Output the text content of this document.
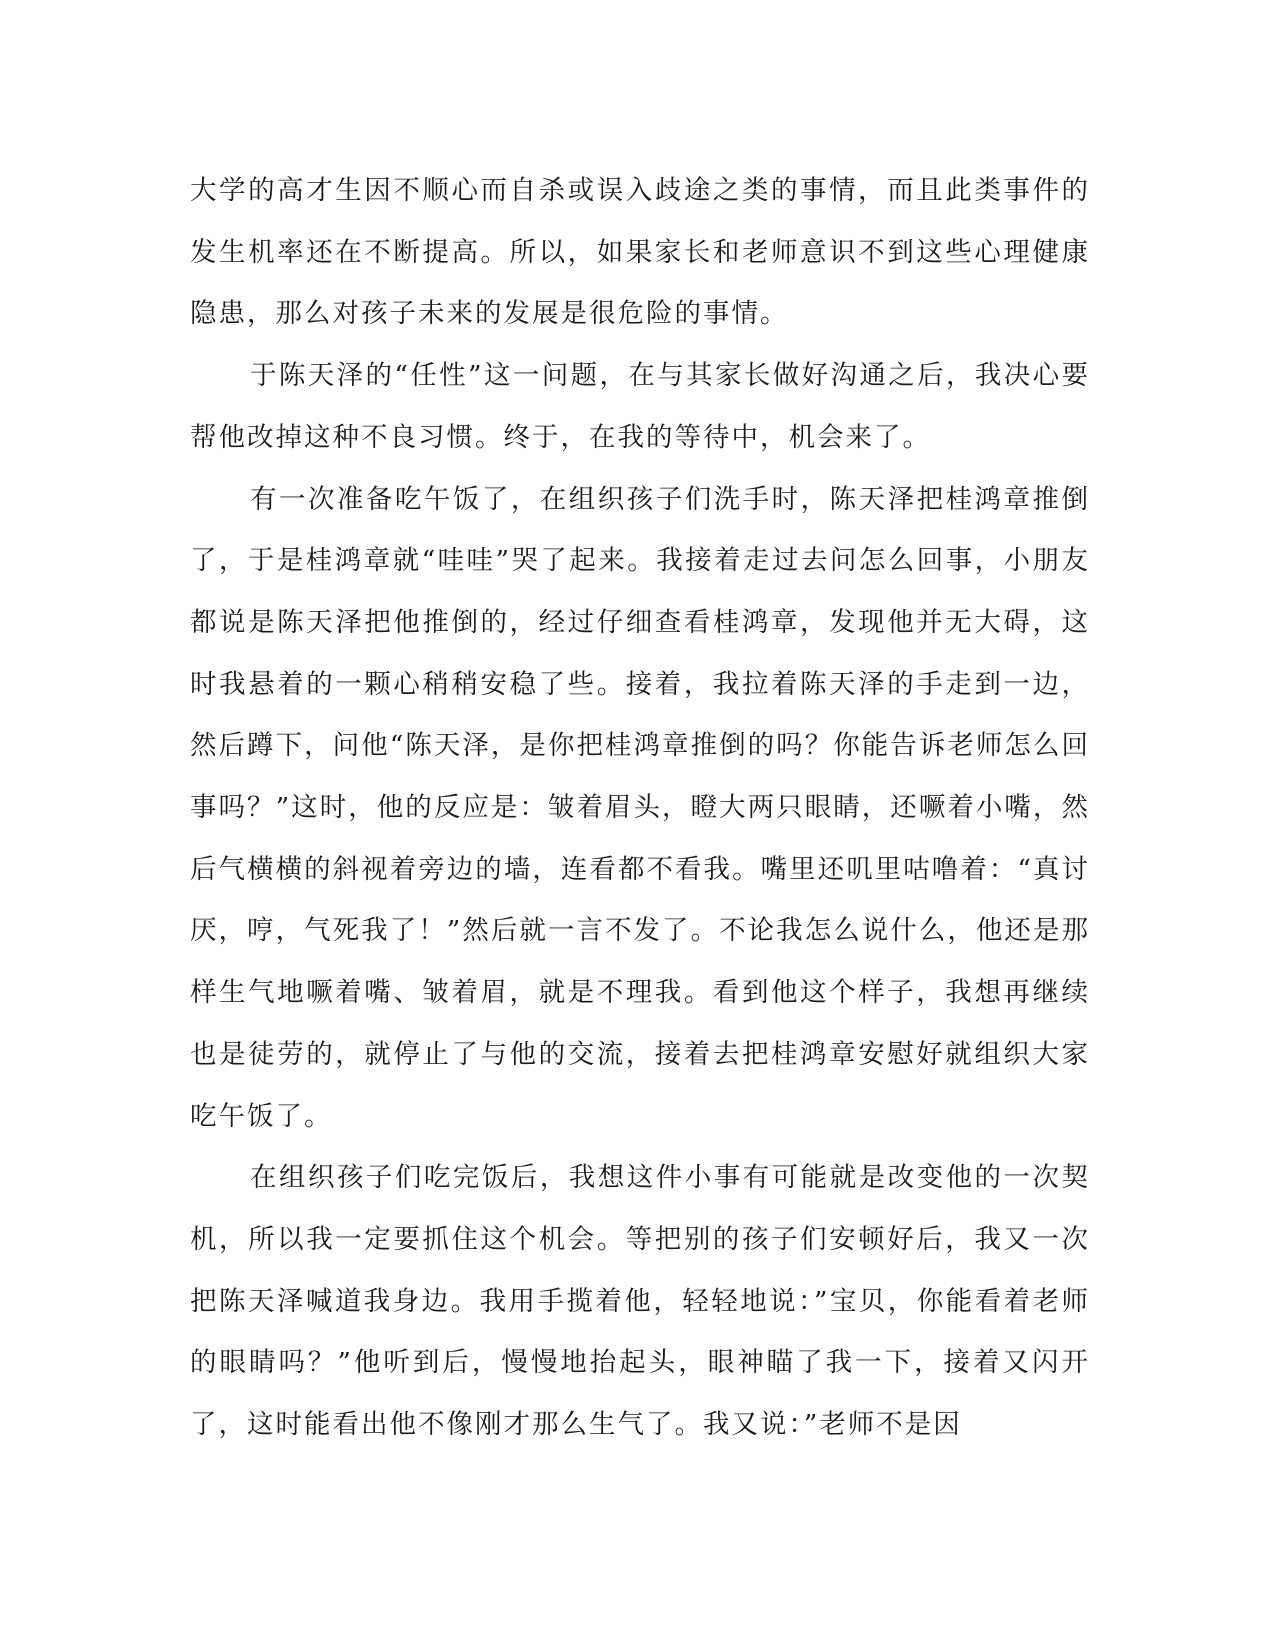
大学的高才生因不顺心而自杀或误入歧途之类的事情，而且此类事件的发生机率还在不断提高。所以，如果家长和老师意识不到这些心理健康隐患，那么对孩子未来的发展是很危险的事情。

于陈天泽的“任性”这一问题，在与其家长做好沟通之后，我决心要帮他改掉这种不良习惯。终于，在我的等待中，机会来了。

有一次准备吃午饭了，在组织孩子们洗手时，陈天泽把桂鸿章推倒了，于是桂鸿章就“哇哇”哭了起来。我接着走过去问怎么回事，小朋友都说是陈天泽把他推倒的，经过仔细查看桂鸿章，发现他并无大碍，这时我悬着的一颗心稍稍安稳了些。接着，我拉着陈天泽的手走到一边，然后蹲下，问他“陈天泽，是你把桂鸿章推倒的吗？你能告诉老师怎么回事吗？”这时，他的反应是：皱着眉头，瞪大两只眼睛，还噘着小嘴，然后气横横的斜视着旁边的墙，连看都不看我。嘴里还叽里咕噜着：“真讨厌，哼，气死我了！”然后就一言不发了。不论我怎么说什么，他还是那样生气地噘着嘴、皱着眉，就是不理我。看到他这个样子，我想再继续也是徒劳的，就停止了与他的交流，接着去把桂鸿章安慰好就组织大家吃午饭了。

在组织孩子们吃完饭后，我想这件小事有可能就是改变他的一次契机，所以我一定要抓住这个机会。等把别的孩子们安顿好后，我又一次把陈天泽喊道我身边。我用手揽着他，轻轻地说：”宝贝，你能看着老师的眼睛吗？”他听到后，慢慢地抬起头，眼神瞄了我一下，接着又闪开了，这时能看出他不像刚才那么生气了。我又说：”老师不是因
